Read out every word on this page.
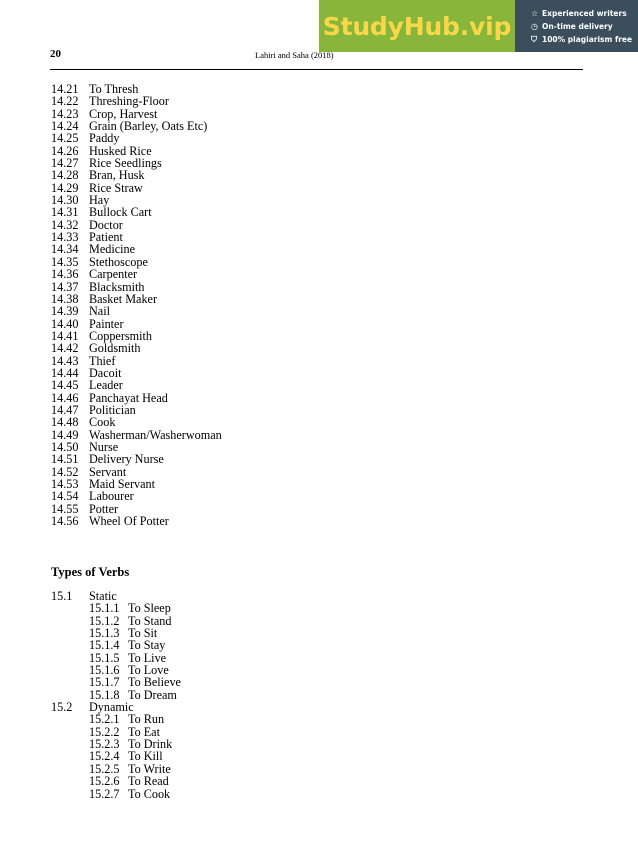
StudyHub.vip ☆ Experienced writers
◷ On-time delivery
⛉ 100% plagiarism free
20	Lahiri and Saha (2018)
14.21 To Thresh
14.22 Threshing-Floor
14.23 Crop, Harvest
14.24 Grain (Barley, Oats Etc)
14.25 Paddy
14.26 Husked Rice
14.27 Rice Seedlings
14.28 Bran, Husk
14.29 Rice Straw
14.30 Hay
14.31 Bullock Cart
14.32 Doctor
14.33 Patient
14.34 Medicine
14.35 Stethoscope
14.36 Carpenter
14.37 Blacksmith
14.38 Basket Maker
14.39 Nail
14.40 Painter
14.41 Coppersmith
14.42 Goldsmith
14.43 Thief
14.44 Dacoit
14.45 Leader
14.46 Panchayat Head
14.47 Politician
14.48 Cook
14.49 Washerman/Washerwoman
14.50 Nurse
14.51 Delivery Nurse
14.52 Servant
14.53 Maid Servant
14.54 Labourer
14.55 Potter
14.56 Wheel Of Potter
Types of Verbs
15.1	Static
15.1.1 To Sleep
15.1.2 To Stand
15.1.3 To Sit
15.1.4 To Stay
15.1.5 To Live
15.1.6 To Love
15.1.7 To Believe
15.1.8 To Dream
15.2	Dynamic
15.2.1 To Run
15.2.2 To Eat
15.2.3 To Drink
15.2.4 To Kill
15.2.5 To Write
15.2.6 To Read
15.2.7 To Cook
